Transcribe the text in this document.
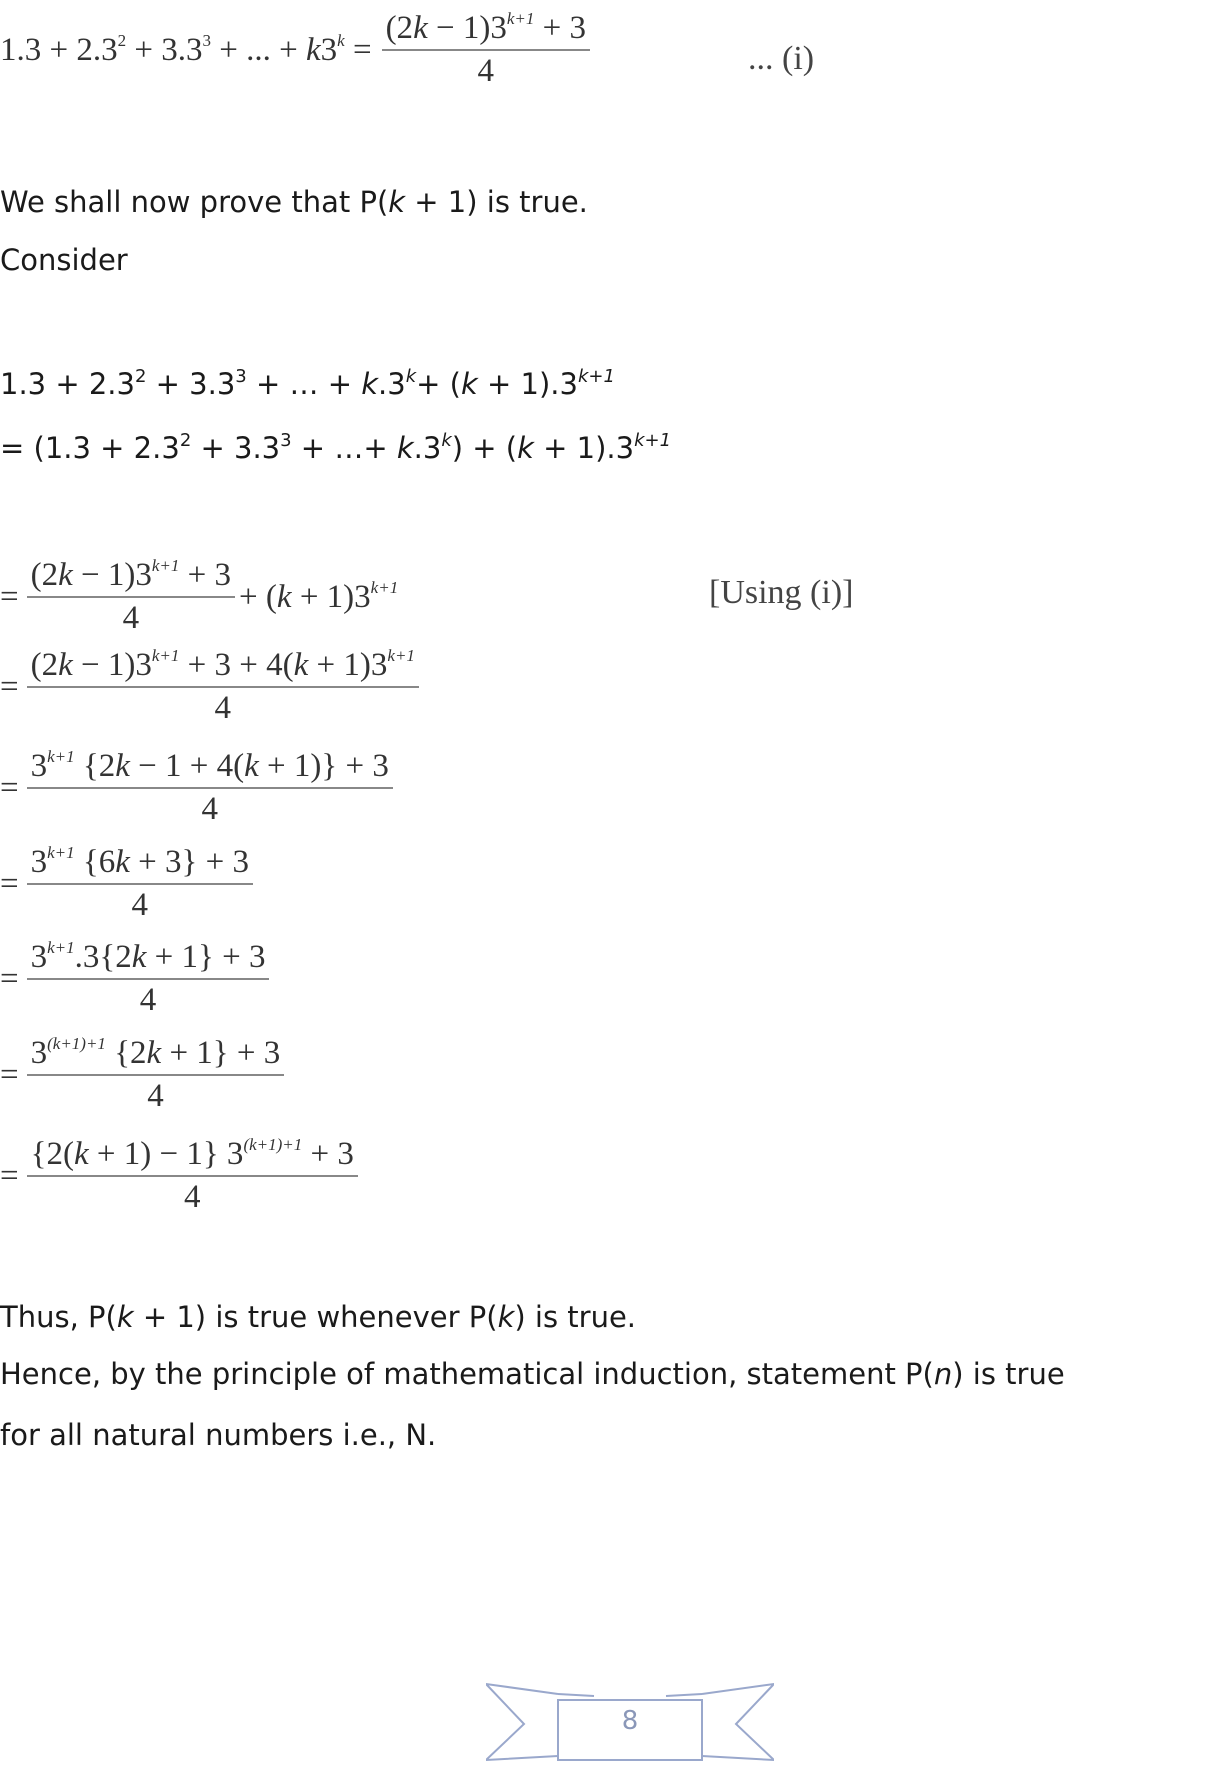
$1.3 + 2.3^2 + 3.3^3$ + ... + $k3^k = \frac{(2k - 1)3^{k+1} + 3}{4}$	... (i)
We shall now prove that P(k + 1) is true.
Consider
$1.3 + 2.3^2 + 3.3^3$ + … + $k.3^k+ (k + 1).3^{k+1}$
= ($1.3 + 2.3^2 + 3.3^3$ + …+ $k.3^k) + (k + 1).3^{k+1}$
= $\frac{(2k - 1)3^{k+1} + 3}{4} + (k + 1)3^{k+1}$
= $\frac{(2k - 1)3^{k+1} + 3 + 4(k + 1)3^{k+1}}{4}$
= $\frac{3^{k+1} \{2k - 1 + 4(k + 1)\} + 3}{4}$
= $\frac{3^{k+1} \{6k + 3\} + 3}{4}$
= $\frac{3^{k+1}.3\{2k + 1\} + 3}{4}$
= $\frac{3^{(k+1)+1} \{2k + 1\} + 3}{4}$
= $\frac{\{2(k + 1) - 1\} 3^{(k+1)+1} + 3}{4}$
[Using (i)]
Thus, P(k + 1) is true whenever P(k) is true.
Hence, by the principle of mathematical induction, statement P(n) is true
for all natural numbers i.e., N.
8
